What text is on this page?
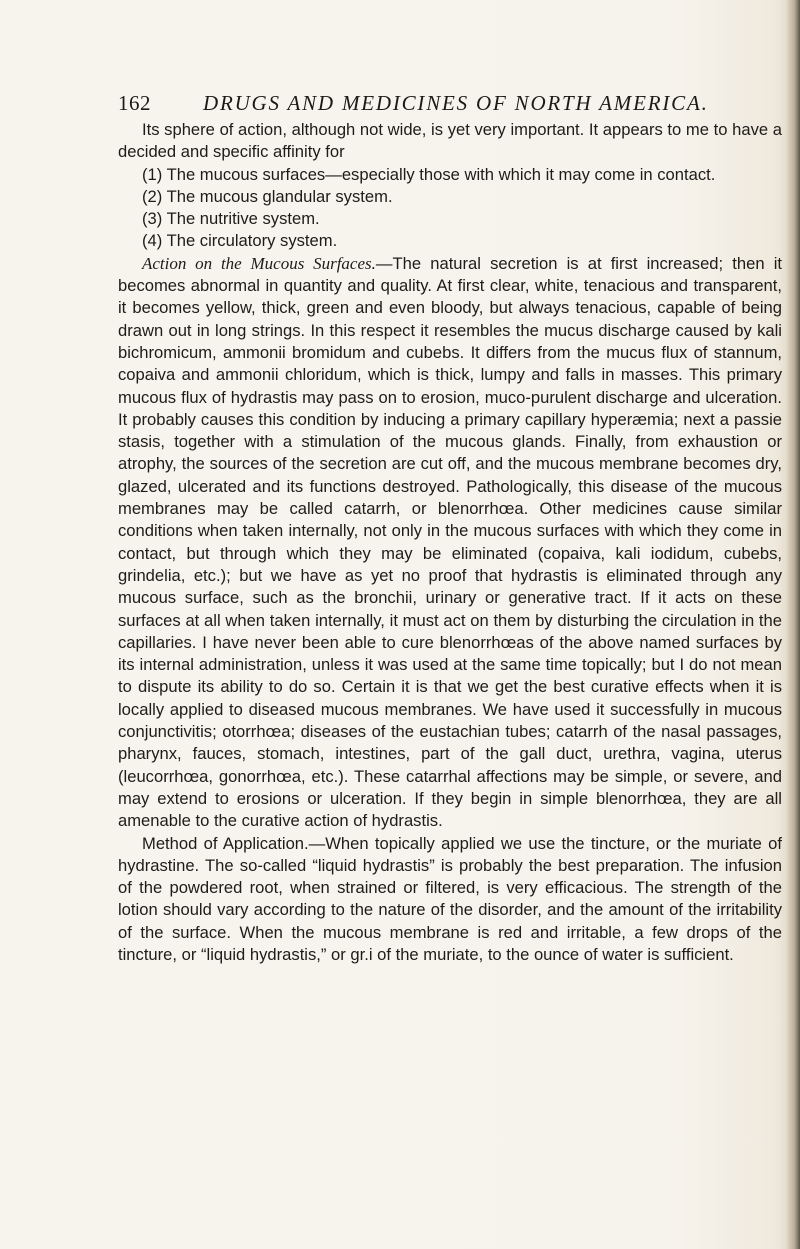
162 DRUGS AND MEDICINES OF NORTH AMERICA.

Its sphere of action, although not wide, is yet very important. It appears to me to have a decided and specific affinity for

(1) The mucous surfaces—especially those with which it may come in contact.

(2) The mucous glandular system.

(3) The nutritive system.

(4) The circulatory system.

Action on the Mucous Surfaces.—The natural secretion is at first increased; then it becomes abnormal in quantity and quality. At first clear, white, tenacious and transparent, it becomes yellow, thick, green and even bloody, but always tenacious, capable of being drawn out in long strings. In this respect it resembles the mucus discharge caused by kali bichromicum, ammonii bromidum and cubebs. It differs from the mucus flux of stannum, copaiva and ammonii chloridum, which is thick, lumpy and falls in masses. This primary mucous flux of hydrastis may pass on to erosion, muco-purulent discharge and ulceration. It probably causes this condition by inducing a primary capillary hyperæmia; next a passie stasis, together with a stimulation of the mucous glands. Finally, from exhaustion or atrophy, the sources of the secretion are cut off, and the mucous membrane becomes dry, glazed, ulcerated and its functions destroyed. Pathologically, this disease of the mucous membranes may be called catarrh, or blenorrhœa. Other medicines cause similar conditions when taken internally, not only in the mucous surfaces with which they come in contact, but through which they may be eliminated (copaiva, kali iodidum, cubebs, grindelia, etc.); but we have as yet no proof that hydrastis is eliminated through any mucous surface, such as the bronchii, urinary or generative tract. If it acts on these surfaces at all when taken internally, it must act on them by disturbing the circulation in the capillaries. I have never been able to cure blenorrhœas of the above named surfaces by its internal administration, unless it was used at the same time topically; but I do not mean to dispute its ability to do so. Certain it is that we get the best curative effects when it is locally applied to diseased mucous membranes. We have used it successfully in mucous conjunctivitis; otorrhœa; diseases of the eustachian tubes; catarrh of the nasal passages, pharynx, fauces, stomach, intestines, part of the gall duct, urethra, vagina, uterus (leucorrhœa, gonorrhœa, etc.). These catarrhal affections may be simple, or severe, and may extend to erosions or ulceration. If they begin in simple blenorrhœa, they are all amenable to the curative action of hydrastis.

Method of Application.—When topically applied we use the tincture, or the muriate of hydrastine. The so-called “liquid hydrastis” is probably the best preparation. The infusion of the powdered root, when strained or filtered, is very efficacious. The strength of the lotion should vary according to the nature of the disorder, and the amount of the irritability of the surface. When the mucous membrane is red and irritable, a few drops of the tincture, or “liquid hydrastis,” or gr.i of the muriate, to the ounce of water is sufficient.
